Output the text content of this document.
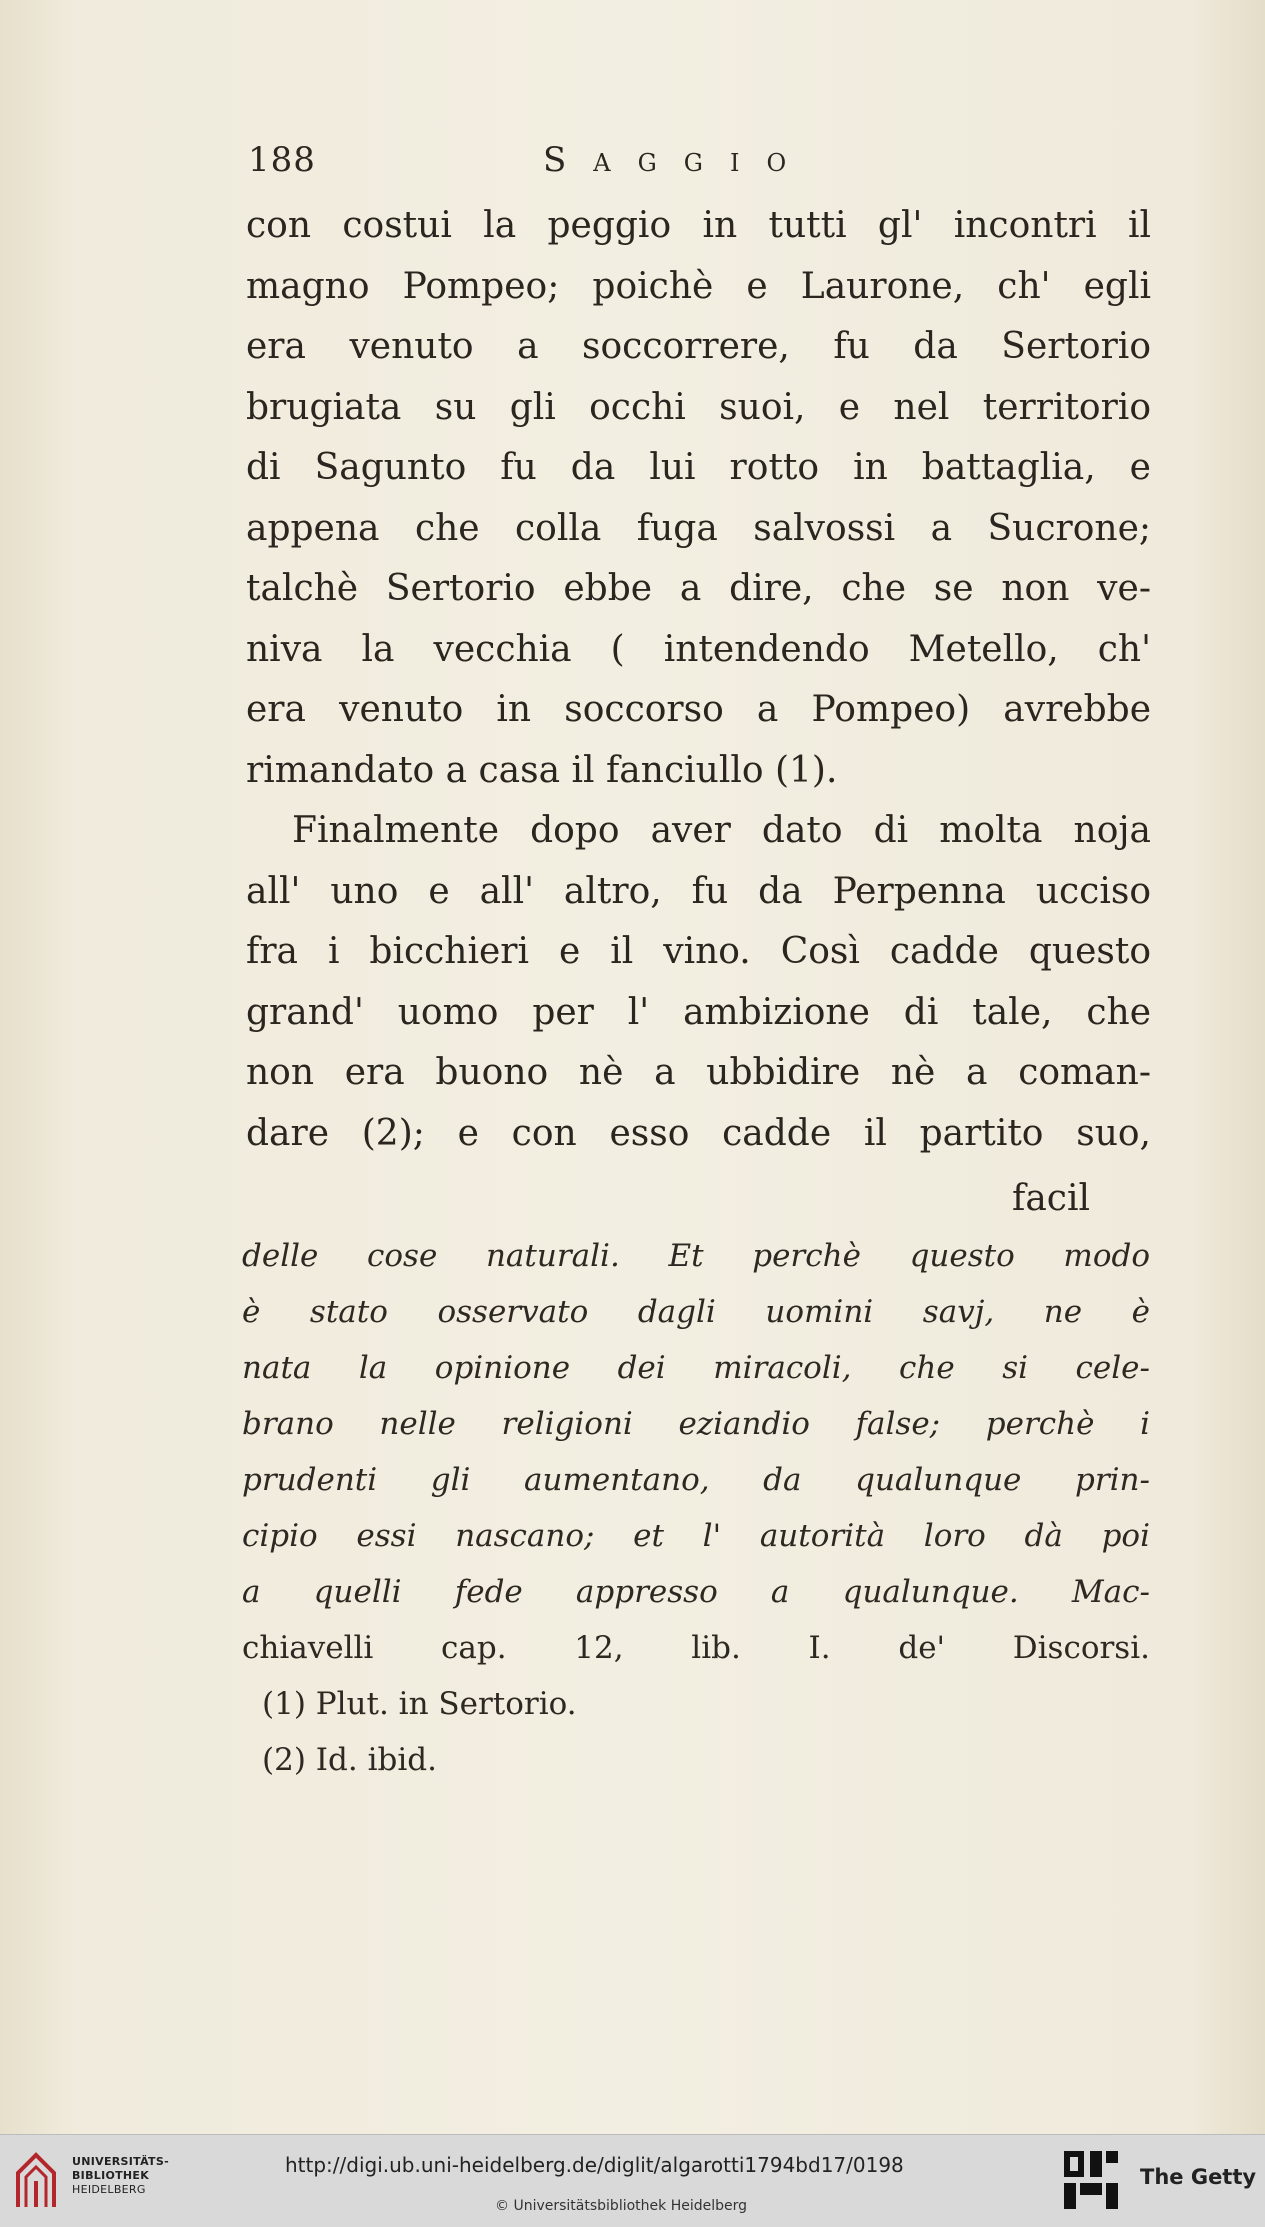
188	Saggio
con costui la peggio in tutti gl' incontri il
magno Pompeo; poichè e Laurone, ch' egli
era venuto a soccorrere, fu da Sertorio
brugiata su gli occhi suoi, e nel territorio
di Sagunto fu da lui rotto in battaglia, e
appena che colla fuga salvossi a Sucrone;
talchè Sertorio ebbe a dire, che se non ve-
niva la vecchia ( intendendo Metello, ch'
era venuto in soccorso a Pompeo) avrebbe
rimandato a casa il fanciullo (1).
Finalmente dopo aver dato di molta noja
all' uno e all' altro, fu da Perpenna ucciso
fra i bicchieri e il vino. Così cadde questo
grand' uomo per l' ambizione di tale, che
non era buono nè a ubbidire nè a coman-
dare (2); e con esso cadde il partito suo,
facil
delle cose naturali. Et perchè questo modo
è stato osservato dagli uomini savj, ne è
nata la opinione dei miracoli, che si cele-
brano nelle religioni eziandio false; perchè i
prudenti gli aumentano, da qualunque prin-
cipio essi nascano; et l' autorità loro dà poi
a quelli fede appresso a qualunque. Mac-
chiavelli cap. 12, lib. I. de' Discorsi.
(1) Plut. in Sertorio.
(2) Id. ibid.
UNIVERSITÄTS-
BIBLIOTHEK
HEIDELBERG
http://digi.ub.uni-heidelberg.de/diglit/algarotti1794bd17/0198
© Universitätsbibliothek Heidelberg
The Getty
